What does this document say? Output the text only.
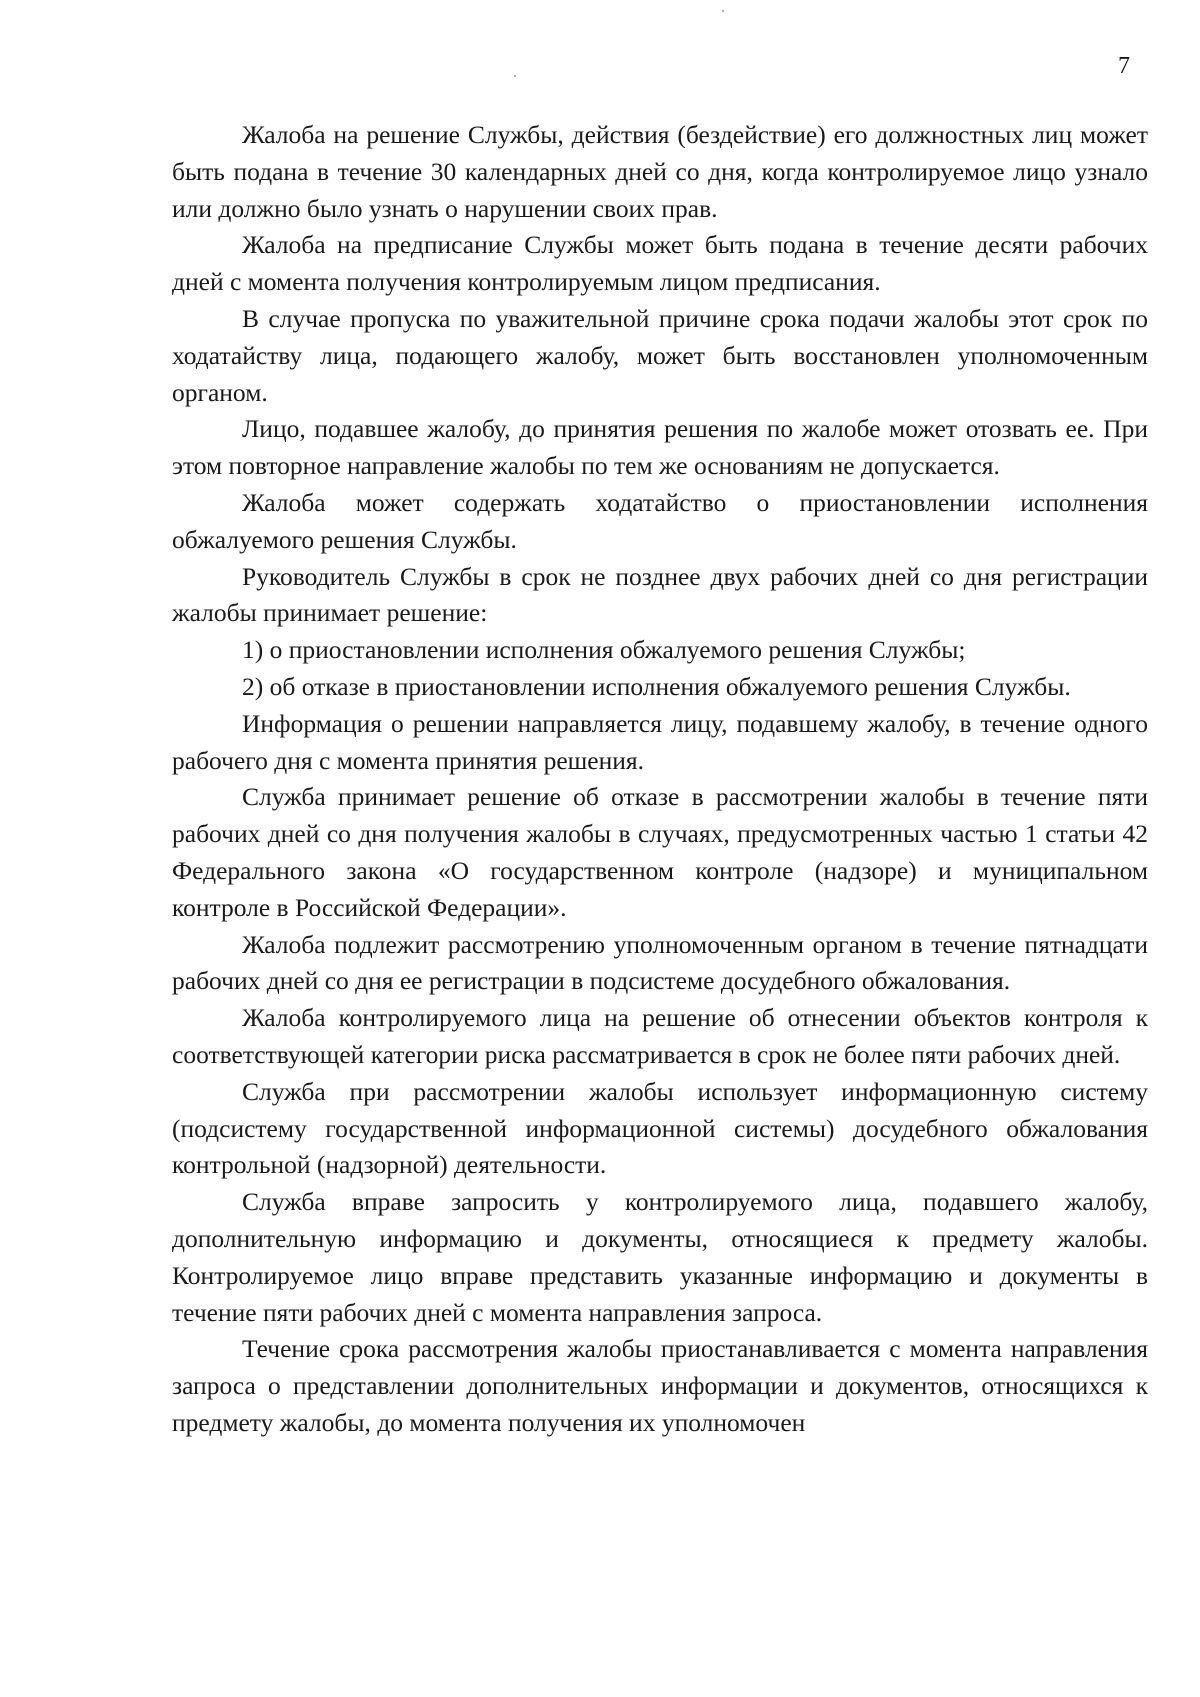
7

Жалоба на решение Службы, действия (бездействие) его должностных лиц может быть подана в течение 30 календарных дней со дня, когда контролируемое лицо узнало или должно было узнать о нарушении своих прав.

Жалоба на предписание Службы может быть подана в течение десяти рабочих дней с момента получения контролируемым лицом предписания.

В случае пропуска по уважительной причине срока подачи жалобы этот срок по ходатайству лица, подающего жалобу, может быть восстановлен уполномоченным органом.

Лицо, подавшее жалобу, до принятия решения по жалобе может отозвать ее. При этом повторное направление жалобы по тем же основаниям не допускается.

Жалоба может содержать ходатайство о приостановлении исполнения обжалуемого решения Службы.

Руководитель Службы в срок не позднее двух рабочих дней со дня регистрации жалобы принимает решение:

1) о приостановлении исполнения обжалуемого решения Службы;

2) об отказе в приостановлении исполнения обжалуемого решения Службы.

Информация о решении направляется лицу, подавшему жалобу, в течение одного рабочего дня с момента принятия решения.

Служба принимает решение об отказе в рассмотрении жалобы в течение пяти рабочих дней со дня получения жалобы в случаях, предусмотренных частью 1 статьи 42 Федерального закона «О государственном контроле (надзоре) и муниципальном контроле в Российской Федерации».

Жалоба подлежит рассмотрению уполномоченным органом в течение пятнадцати рабочих дней со дня ее регистрации в подсистеме досудебного обжалования.

Жалоба контролируемого лица на решение об отнесении объектов контроля к соответствующей категории риска рассматривается в срок не более пяти рабочих дней.

Служба при рассмотрении жалобы использует информационную систему (подсистему государственной информационной системы) досудебного обжалования контрольной (надзорной) деятельности.

Служба вправе запросить у контролируемого лица, подавшего жалобу, дополнительную информацию и документы, относящиеся к предмету жалобы. Контролируемое лицо вправе представить указанные информацию и документы в течение пяти рабочих дней с момента направления запроса.

Течение срока рассмотрения жалобы приостанавливается с момента направления запроса о представлении дополнительных информации и документов, относящихся к предмету жалобы, до момента получения их уполномочен
